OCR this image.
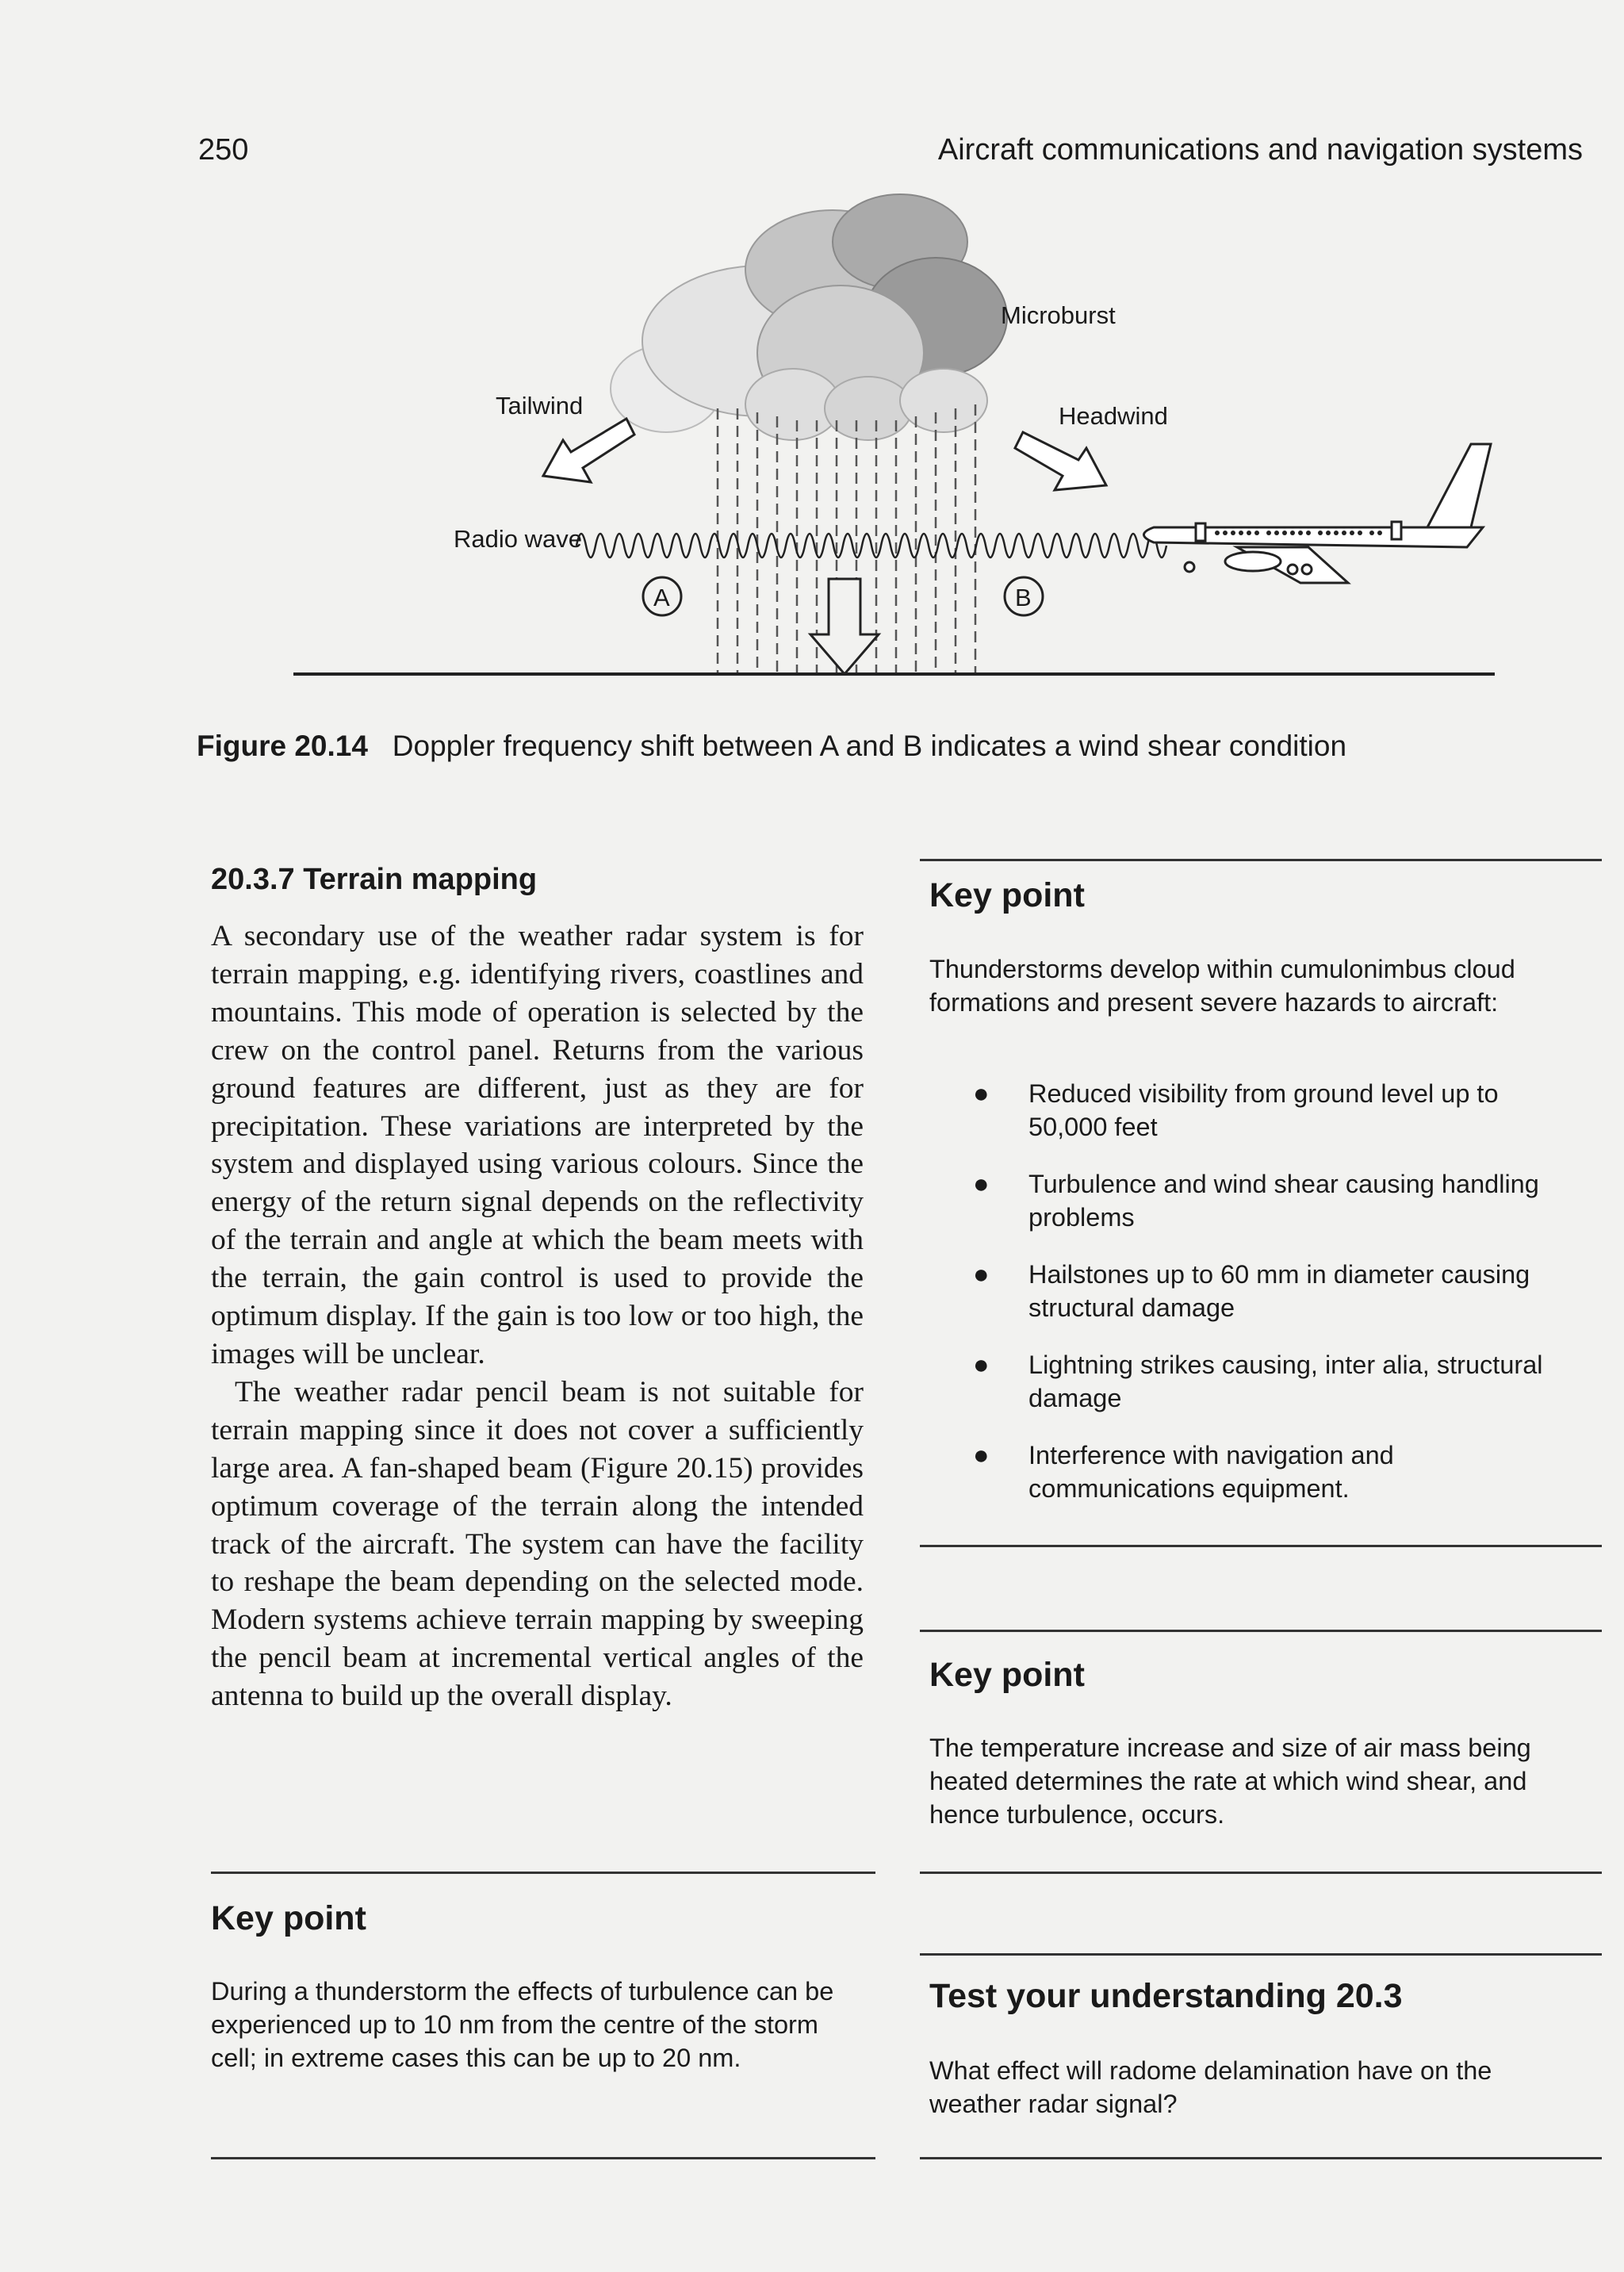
250	Aircraft communications and navigation systems
Microburst
Tailwind	Headwind
Radio wave
A	B
Figure 20.14 Doppler frequency shift between A and B indicates a wind shear condition
20.3.7 Terrain mapping

A secondary use of the weather radar system is for terrain mapping, e.g. identifying rivers, coastlines and mountains. This mode of operation is selected by the crew on the control panel. Returns from the various ground features are different, just as they are for precipitation. These variations are interpreted by the system and displayed using various colours. Since the energy of the return signal depends on the reflectivity of the terrain and angle at which the beam meets with the terrain, the gain control is used to provide the optimum display. If the gain is too low or too high, the images will be unclear.

The weather radar pencil beam is not suitable for terrain mapping since it does not cover a sufficiently large area. A fan-shaped beam (Figure 20.15) provides optimum coverage of the terrain along the intended track of the aircraft. The system can have the facility to reshape the beam depending on the selected mode. Modern systems achieve terrain mapping by sweeping the pencil beam at incremental vertical angles of the antenna to build up the overall display.

Key point
During a thunderstorm the effects of turbulence can be experienced up to 10 nm from the centre of the storm cell; in extreme cases this can be up to 20 nm.
Key point
Thunderstorms develop within cumulonimbus cloud formations and present severe hazards to aircraft:
● Reduced visibility from ground level up to 50,000 feet
● Turbulence and wind shear causing handling problems
● Hailstones up to 60 mm in diameter causing structural damage
● Lightning strikes causing, inter alia, structural damage
● Interference with navigation and communications equipment.
Key point
The temperature increase and size of air mass being heated determines the rate at which wind shear, and hence turbulence, occurs.
Test your understanding 20.3
What effect will radome delamination have on the weather radar signal?
